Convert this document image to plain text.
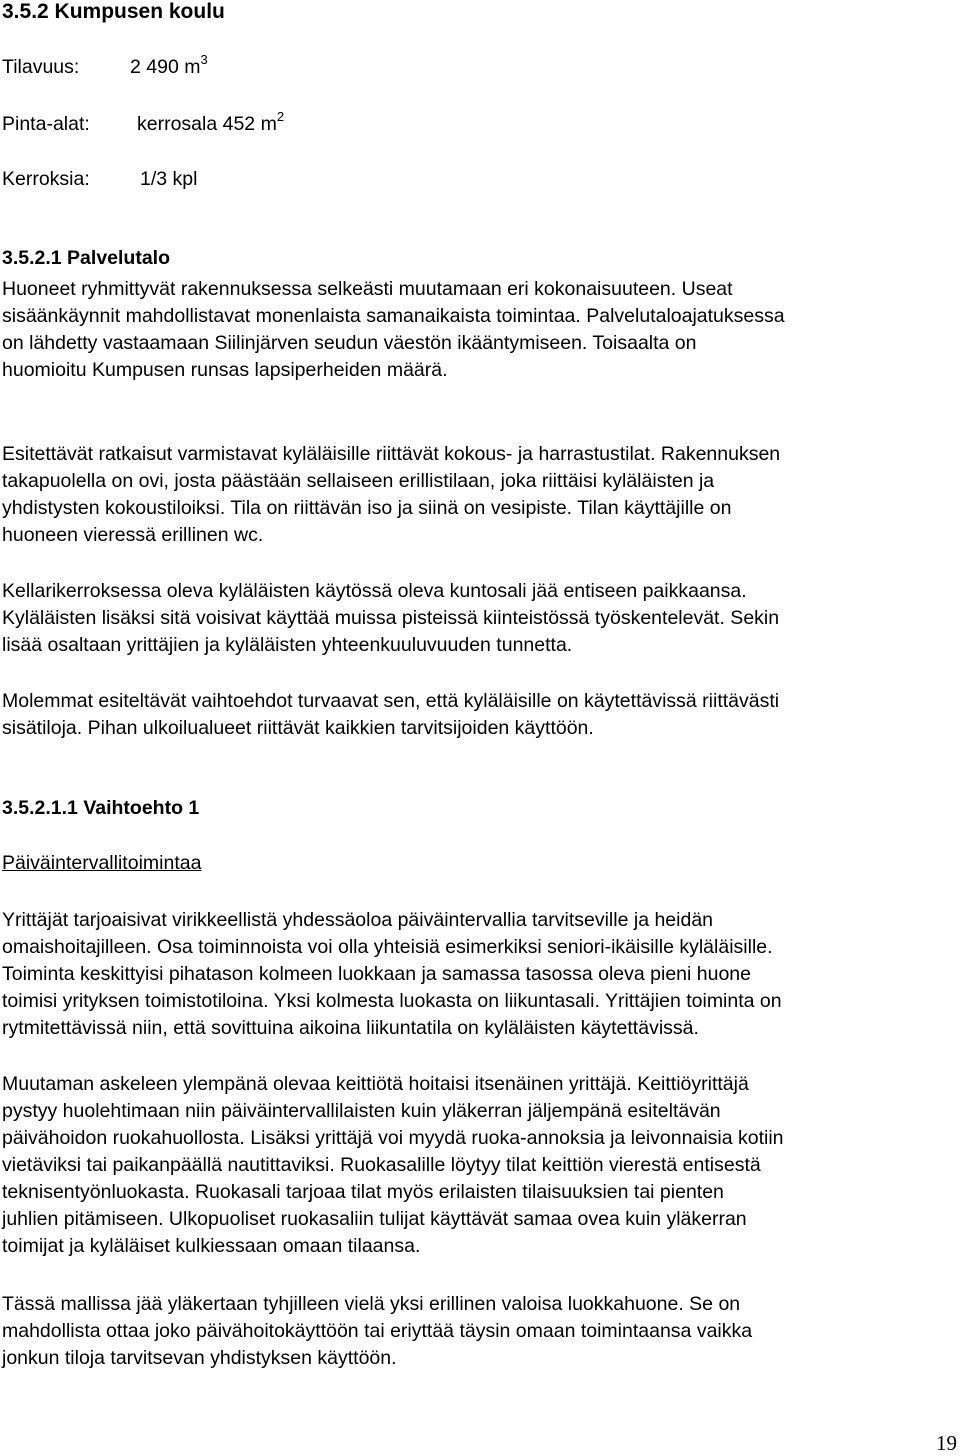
3.5.2 Kumpusen koulu
Tilavuus:	2 490 $m^3$
Pinta-alat: kerrosala 452 $m^2$
Kerroksia:	1/3 kpl
3.5.2.1 Palvelutalo
Huoneet ryhmittyvät rakennuksessa selkeästi muutamaan eri kokonaisuuteen. Useat
sisäänkäynnit mahdollistavat monenlaista samanaikaista toimintaa. Palvelutaloajatuksessa
on lähdetty vastaamaan Siilinjärven seudun väestön ikääntymiseen. Toisaalta on
huomioitu Kumpusen runsas lapsiperheiden määrä.
Esitettävät ratkaisut varmistavat kyläläisille riittävät kokous- ja harrastustilat. Rakennuksen
takapuolella on ovi, josta päästään sellaiseen erillistilaan, joka riittäisi kyläläisten ja
yhdistysten kokoustiloiksi. Tila on riittävän iso ja siinä on vesipiste. Tilan käyttäjille on
huoneen vieressä erillinen wc.
Kellarikerroksessa oleva kyläläisten käytössä oleva kuntosali jää entiseen paikkaansa.
Kyläläisten lisäksi sitä voisivat käyttää muissa pisteissä kiinteistössä työskentelevät. Sekin
lisää osaltaan yrittäjien ja kyläläisten yhteenkuuluvuuden tunnetta.
Molemmat esiteltävät vaihtoehdot turvaavat sen, että kyläläisille on käytettävissä riittävästi
sisätiloja. Pihan ulkoilualueet riittävät kaikkien tarvitsijoiden käyttöön.
3.5.2.1.1 Vaihtoehto 1
Päiväintervallitoimintaa
Yrittäjät tarjoaisivat virikkeellistä yhdessäoloa päiväintervallia tarvitseville ja heidän
omaishoitajilleen. Osa toiminnoista voi olla yhteisiä esimerkiksi seniori-ikäisille kyläläisille.
Toiminta keskittyisi pihatason kolmeen luokkaan ja samassa tasossa oleva pieni huone
toimisi yrityksen toimistotiloina. Yksi kolmesta luokasta on liikuntasali. Yrittäjien toiminta on
rytmitettävissä niin, että sovittuina aikoina liikuntatila on kyläläisten käytettävissä.
Muutaman askeleen ylempänä olevaa keittiötä hoitaisi itsenäinen yrittäjä. Keittiöyrittäjä
pystyy huolehtimaan niin päiväintervallilaisten kuin yläkerran jäljempänä esiteltävän
päivähoidon ruokahuollosta. Lisäksi yrittäjä voi myydä ruoka-annoksia ja leivonnaisia kotiin
vietäviksi tai paikanpäällä nautittaviksi. Ruokasalille löytyy tilat keittiön vierestä entisestä
teknisentyönluokasta. Ruokasali tarjoaa tilat myös erilaisten tilaisuuksien tai pienten
juhlien pitämiseen. Ulkopuoliset ruokasaliin tulijat käyttävät samaa ovea kuin yläkerran
toimijat ja kyläläiset kulkiessaan omaan tilaansa.
Tässä mallissa jää yläkertaan tyhjilleen vielä yksi erillinen valoisa luokkahuone. Se on
mahdollista ottaa joko päivähoitokäyttöön tai eriyttää täysin omaan toimintaansa vaikka
jonkun tiloja tarvitsevan yhdistyksen käyttöön.
19
